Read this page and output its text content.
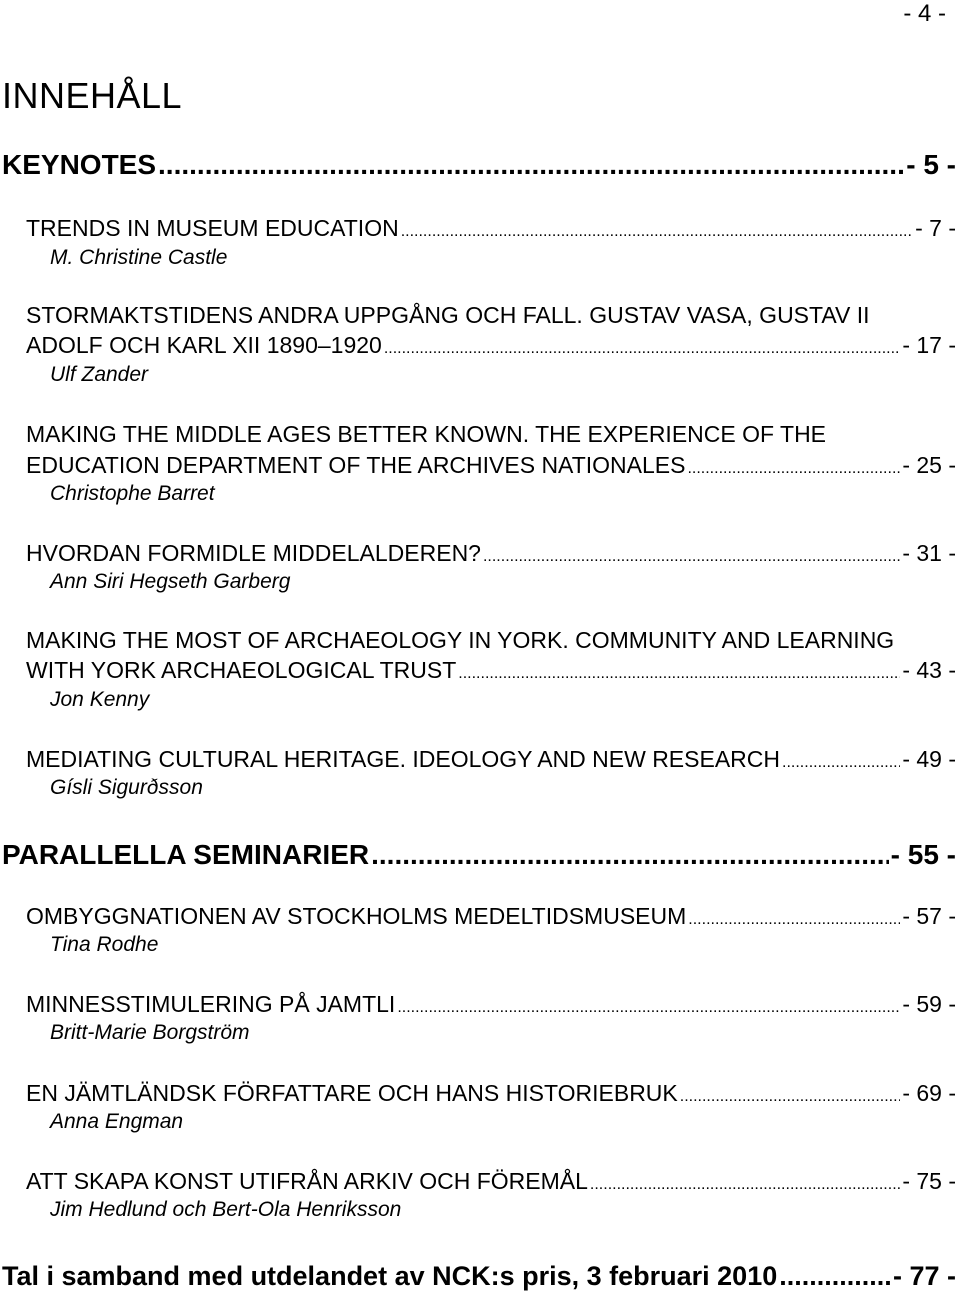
- 4 -
INNEHÅLL
KEYNOTES .....	- 5 -
TRENDS IN MUSEUM EDUCATION .....	- 7 -
M. Christine Castle
STORMAKTSTIDENS ANDRA UPPGÅNG OCH FALL. GUSTAV VASA, GUSTAV II
ADOLF OCH KARL XII 1890–1920 .....	- 17 -
Ulf Zander
MAKING THE MIDDLE AGES BETTER KNOWN. THE EXPERIENCE OF THE
EDUCATION DEPARTMENT OF THE ARCHIVES NATIONALES .....	- 25 -
Christophe Barret
HVORDAN FORMIDLE MIDDELALDEREN? .....	- 31 -
Ann Siri Hegseth Garberg
MAKING THE MOST OF ARCHAEOLOGY IN YORK. COMMUNITY AND LEARNING
WITH YORK ARCHAEOLOGICAL TRUST .....	- 43 -
Jon Kenny
MEDIATING CULTURAL HERITAGE. IDEOLOGY AND NEW RESEARCH .....	- 49 -
Gísli Sigurðsson
PARALLELLA SEMINARIER .....	- 55 -
OMBYGGNATIONEN AV STOCKHOLMS MEDELTIDSMUSEUM .....	- 57 -
Tina Rodhe
MINNESSTIMULERING PÅ JAMTLI .....	- 59 -
Britt-Marie Borgström
EN JÄMTLÄNDSK FÖRFATTARE OCH HANS HISTORIEBRUK .....	- 69 -
Anna Engman
ATT SKAPA KONST UTIFRÅN ARKIV OCH FÖREMÅL .....	- 75 -
Jim Hedlund och Bert-Ola Henriksson
Tal i samband med utdelandet av NCK:s pris, 3 februari 2010 .....	- 77 -
